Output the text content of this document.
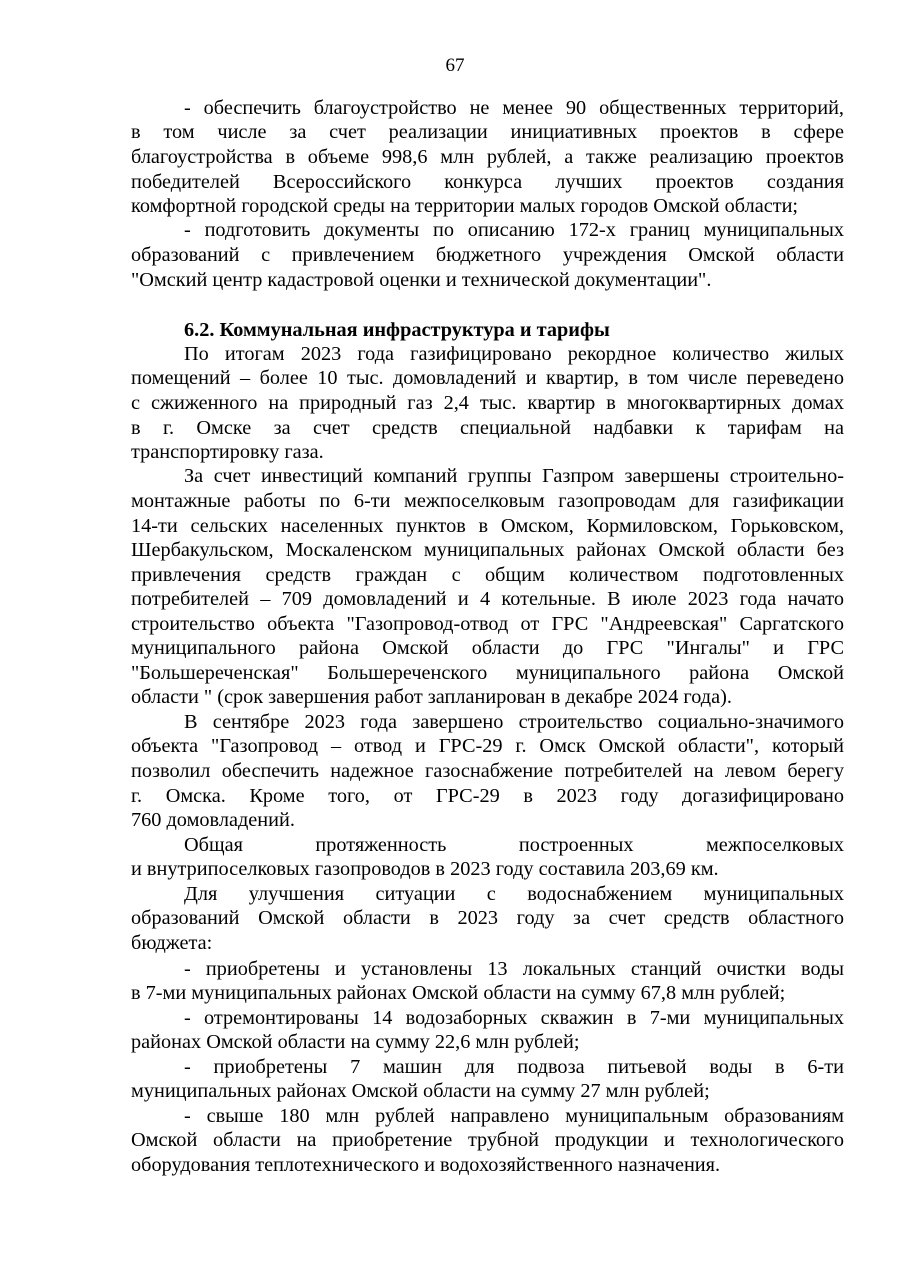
67
- обеспечить благоустройство не менее 90 общественных территорий,
в том числе за счет реализации инициативных проектов в сфере
благоустройства в объеме 998,6 млн рублей, а также реализацию проектов
победителей Всероссийского конкурса лучших проектов создания
комфортной городской среды на территории малых городов Омской области;
- подготовить документы по описанию 172-х границ муниципальных
образований с привлечением бюджетного учреждения Омской области
"Омский центр кадастровой оценки и технической документации".
6.2. Коммунальная инфраструктура и тарифы
По итогам 2023 года газифицировано рекордное количество жилых
помещений – более 10 тыс. домовладений и квартир, в том числе переведено
с сжиженного на природный газ 2,4 тыс. квартир в многоквартирных домах
в г. Омске за счет средств специальной надбавки к тарифам на
транспортировку газа.
За счет инвестиций компаний группы Газпром завершены строительно-
монтажные работы по 6-ти межпоселковым газопроводам для газификации
14-ти сельских населенных пунктов в Омском, Кормиловском, Горьковском,
Шербакульском, Москаленском муниципальных районах Омской области без
привлечения средств граждан с общим количеством подготовленных
потребителей – 709 домовладений и 4 котельные. В июле 2023 года начато
строительство объекта "Газопровод-отвод от ГРС "Андреевская" Саргатского
муниципального района Омской области до ГРС "Ингалы" и ГРС
"Большереченская" Большереченского муниципального района Омской
области " (срок завершения работ запланирован в декабре 2024 года).
В сентябре 2023 года завершено строительство социально-значимого
объекта "Газопровод – отвод и ГРС-29 г. Омск Омской области", который
позволил обеспечить надежное газоснабжение потребителей на левом берегу
г. Омска. Кроме того, от ГРС-29 в 2023 году догазифицировано
760 домовладений.
Общая протяженность построенных межпоселковых
и внутрипоселковых газопроводов в 2023 году составила 203,69 км.
Для улучшения ситуации с водоснабжением муниципальных
образований Омской области в 2023 году за счет средств областного
бюджета:
- приобретены и установлены 13 локальных станций очистки воды
в 7-ми муниципальных районах Омской области на сумму 67,8 млн рублей;
- отремонтированы 14 водозаборных скважин в 7-ми муниципальных
районах Омской области на сумму 22,6 млн рублей;
- приобретены 7 машин для подвоза питьевой воды в 6-ти
муниципальных районах Омской области на сумму 27 млн рублей;
- свыше 180 млн рублей направлено муниципальным образованиям
Омской области на приобретение трубной продукции и технологического
оборудования теплотехнического и водохозяйственного назначения.
